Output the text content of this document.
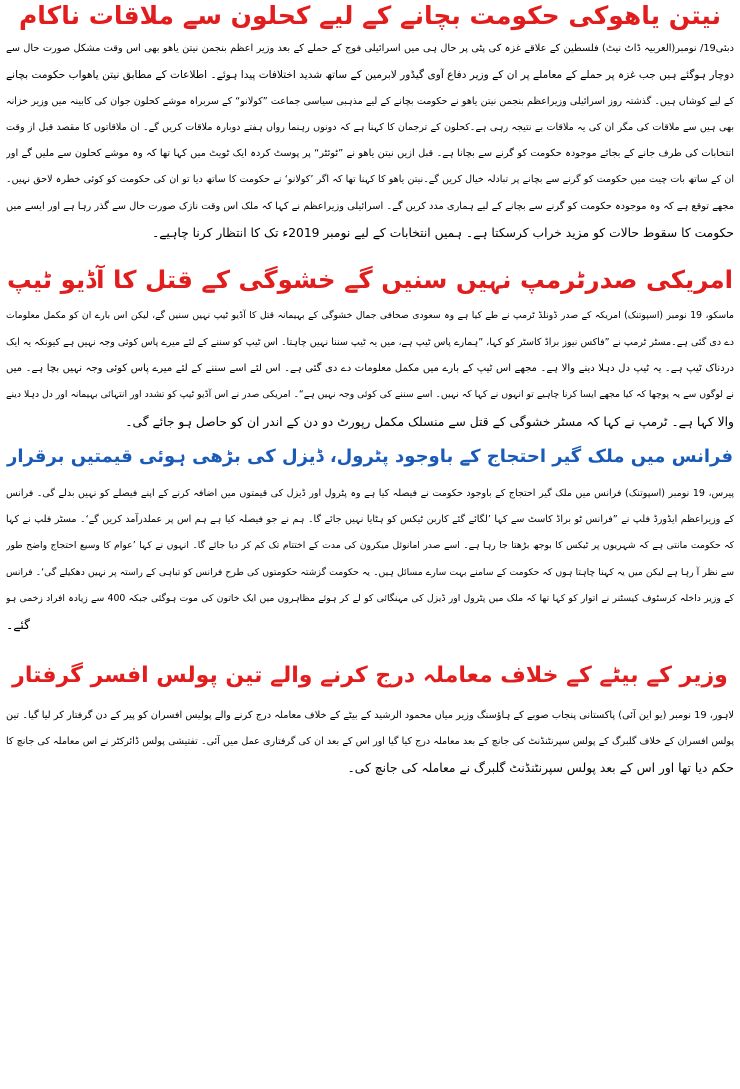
نیتن یاھوکی حکومت بچانے کے لیے کحلون سے ملاقات ناکام
دبئی19/ نومبر(العربیہ ڈاٹ نیٹ) فلسطین کے علاقے غزہ کی پٹی پر حال ہی میں اسرائیلی فوج کے حملے کے بعد وزیر اعظم بنجمن نیتن یاھو بھی اس وقت مشکل صورت حال سے
دوچار ہوگئے ہیں جب غزہ پر حملے کے معاملے پر ان کے وزیر دفاع آوی گیڈور لابرمین کے ساتھ شدید اختلافات پیدا ہوئے۔ اطلاعات کے مطابق نیتن یاھواب حکومت بچانے
کے لیے کوشاں ہیں۔ گذشتہ روز اسرائیلی وزیراعظم بنجمن نیتن یاھو نے حکومت بچانے کے لیے مذہبی سیاسی جماعت ”کولانو“ کے سربراہ موشے کحلون جوان کی کابینہ میں وزیر خزانہ
بھی ہیں سے ملاقات کی مگر ان کی یہ ملاقات بے نتیجہ رہی ہے۔کحلون کے ترجمان کا کہنا ہے کہ دونوں رہنما رواں ہفتے دوبارہ ملاقات کریں گے۔ ان ملاقاتوں کا مقصد قبل از وقت
انتخابات کی طرف جانے کے بجائے موجودہ حکومت کو گرنے سے بچانا ہے۔ قبل ازیں نیتن یاھو نے ”ٹوئٹر“ پر پوسٹ کردہ ایک ٹویٹ میں کہا تھا کہ وہ موشے کحلون سے ملیں گے اور
ان کے ساتھ بات چیت میں حکومت کو گرنے سے بچانے پر تبادلہ خیال کریں گے۔نیتن یاھو کا کہنا تھا کہ اگر ’کولانو‘ نے حکومت کا ساتھ دیا تو ان کی حکومت کو کوئی خطرہ لاحق نہیں۔
مجھے توقع ہے کہ وہ موجودہ حکومت کو گرنے سے بچانے کے لیے ہماری مدد کریں گے۔ اسرائیلی وزیراعظم نے کہا کہ ملک اس وقت نازک صورت حال سے گذر رہا ہے اور ایسے میں
حکومت کا سقوط حالات کو مزید خراب کرسکتا ہے۔ ہمیں انتخابات کے لیے نومبر 2019ء تک کا انتظار کرنا چاہیے۔
امریکی صدرٹرمپ نہیں سنیں گے خشوگی کے قتل کا آڈیو ٹیپ
ماسکو، 19 نومبر (اسپوتنک) امریکہ کے صدر ڈونلڈ ٹرمپ نے طے کیا ہے وہ سعودی صحافی جمال خشوگی کے بہیمانہ قتل کا آڈیو ٹیپ نہیں سنیں گے، لیکن اس بارے ان کو مکمل معلومات
دے دی گئی ہے۔مسٹر ٹرمپ نے ”فاکس نیوز براڈ کاسٹر کو کہا، ”ہمارے پاس ٹیپ ہے، میں یہ ٹیپ سننا نہیں چاہتا۔ اس ٹیپ کو سننے کے لئے میرے پاس کوئی وجہ نہیں ہے کیونکہ یہ ایک
دردناک ٹیپ ہے۔ یہ ٹیپ دل دہلا دینے والا ہے۔ مجھے اس ٹیپ کے بارے میں مکمل معلومات دے دی گئی ہے۔ اس لئے اسے سننے کے لئے میرے پاس کوئی وجہ نہیں بچا ہے۔ میں
نے لوگوں سے یہ پوچھا کہ کیا مجھے ایسا کرنا چاہیے تو انہوں نے کہا کہ نہیں۔ اسے سننے کی کوئی وجہ نہیں ہے“۔ امریکی صدر نے اس آڈیو ٹیپ کو تشدد اور انتہائی بہیمانہ اور دل دہلا دینے
والا کہا ہے۔ ٹرمپ نے کہا کہ مسٹر خشوگی کے قتل سے منسلک مکمل رپورٹ دو دن کے اندر ان کو حاصل ہو جائے گی۔
فرانس میں ملک گیر احتجاج کے باوجود پٹرول، ڈیزل کی بڑھی ہوئی قیمتیں برقرار
پیرس، 19 نومبر (اسپوتنک) فرانس میں ملک گیر احتجاج کے باوجود حکومت نے فیصلہ کیا ہے وہ پٹرول اور ڈیزل کی قیمتوں میں اضافہ کرنے کے اپنے فیصلے کو نہیں بدلے گی۔ فرانس
کے وزیراعظم ایڈورڈ فلپ نے ”فرانس ٹو براڈ کاسٹ سے کہا ’لگائے گئے کاربن ٹیکس کو ہٹایا نہیں جائے گا۔ ہم نے جو فیصلہ کیا ہے ہم اس پر عملدرآمد کریں گے‘۔ مسٹر فلپ نے کہا
کہ حکومت مانتی ہے کہ شہریوں پر ٹیکس کا بوجھ بڑھتا جا رہا ہے۔ اسے صدر امانوئل میکرون کی مدت کے اختتام تک کم کر دیا جائے گا۔ انہوں نے کہا ’عوام کا وسیع احتجاج واضح طور
سے نظر آ رہا ہے لیکن میں یہ کہنا چاہتا ہوں کہ حکومت کے سامنے بہت سارے مسائل ہیں۔ یہ حکومت گزشتہ حکومتوں کی طرح فرانس کو تباہی کے راستہ پر نہیں دھکیلے گی‘۔ فرانس
کے وزیر داخلہ کرسٹوف کیسٹنر نے اتوار کو کہا تھا کہ ملک میں پٹرول اور ڈیزل کی مہنگائی کو لے کر ہوئے مظاہروں میں ایک خاتون کی موت ہوگئی جبکہ 400 سے زیادہ افراد زخمی ہو
گئے۔
وزیر کے بیٹے کے خلاف معاملہ درج کرنے والے تین پولس افسر گرفتار
لاہور، 19 نومبر (یو این آئی) پاکستانی پنجاب صوبے کے ہاؤسنگ وزیر میاں محمود الرشید کے بیٹے کے خلاف معاملہ درج کرنے والے پولیس افسران کو پیر کے دن گرفتار کر لیا گیا۔ تین
پولس افسران کے خلاف گلبرگ کے پولس سپرنٹنڈنٹ کی جانچ کے بعد معاملہ درج کیا گیا اور اس کے بعد ان کی گرفتاری عمل میں آئی۔ تفتیشی پولس ڈائرکٹر نے اس معاملہ کی جانچ کا
حکم دیا تھا اور اس کے بعد پولس سپرنٹنڈنٹ گلبرگ نے معاملہ کی جانچ کی۔
